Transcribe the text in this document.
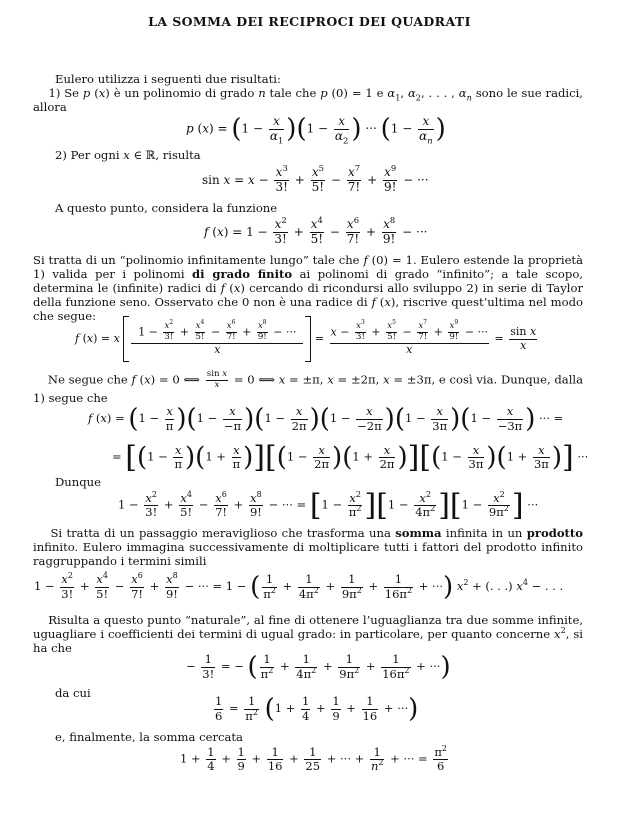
LA SOMMA DEI RECIPROCI DEI QUADRATI
Eulero utilizza i seguenti due risultati:
1) Se p (x) è un polinomio di grado n tale che p (0) = 1 e $\alpha_1$, $\alpha_2$, . . . , $\alpha_n$ sono le sue radici, allora
p $(x) = (1 - \frac{x}{\alpha_1} )(1 - \frac{x}{\alpha_2}$ ) ··· ($1 - \frac{x}{\alpha_n}$ )
2) Per ogni x ∈ ℝ, risulta
$\sin x = x - \frac{x^3}{3!} + \frac{x^5}{5!} - \frac{x^7}{7!} + \frac{x^9}{9!}$ − ···
A questo punto, considera la funzione
f $(x) = 1 - \frac{x^2}{3!} + \frac{x^4}{5!} - \frac{x^6}{7!} + \frac{x^8}{9!}$ − ···
Si tratta di un “polinomio infinitamente lungo” tale che f (0) = 1. Eulero estende la proprietà 1) valida per i polinomi di grado finito ai polinomi di grado “infinito”; a tale scopo, determina le (infinite) radici di f (x) cercando di ricondursi allo sviluppo 2) in serie di Taylor della funzione seno. Osservato che 0 non è una radice di f (x), riscrive quest’ultima nel modo che segue:
f (x) = x $\frac{1 - \frac{x^2}{3!} + \frac{x^4}{5!} - \frac{x^6}{7!} + \frac{x^8}{9!} - \cdot\cdot\cdot}{x} = \frac{x - \frac{x^3}{3!} + \frac{x^5}{5!} - \frac{x^7}{7!} + \frac{x^9}{9!} - \cdot\cdot\cdot}{x} = \frac{\text{sin x}}{x}$
Ne segue che f (x) = 0 ⟺ $\frac{\text{sin x}}{x} = 0$ ⟺ x = ±π, x = ±2π, x = ±3π, e così via. Dunque, dalla 1) segue che
f $(x) = (1 - \frac{x}{\pi} )(1 - \frac{x}{-\pi} )(1 - \frac{x}{2\pi} )(1 - \frac{x}{-2\pi} )(1 - \frac{x}{3\pi} )(1 - \frac{x}{-3\pi}$ ) ··· =
= $[(1 - \frac{x}{\pi} )(1 + \frac{x}{\pi} )][(1 - \frac{x}{2\pi} )(1 + \frac{x}{2\pi} )][(1 - \frac{x}{3\pi} )(1 + \frac{x}{3\pi}$ )] ···
Dunque
$1 - \frac{x^2}{3!} + \frac{x^4}{5!} - \frac{x^6}{7!} + \frac{x^8}{9!}$ − ··· = $[1 - \frac{x^2}{\pi^2} ][1 - \frac{x^2}{4\pi^2} ][1 - \frac{x^2}{9\pi^2}$ ] ···
Si tratta di un passaggio meraviglioso che trasforma una somma infinita in un prodotto infinito. Eulero immagina successivamente di moltiplicare tutti i fattori del prodotto infinito raggruppando i termini simili
$1 - \frac{x^2}{3!} + \frac{x^4}{5!} - \frac{x^6}{7!} + \frac{x^8}{9!}$ − ··· = 1 − ( $\frac{1}{\pi^2} + \frac{1}{4\pi^2} + \frac{1}{9\pi^2} + \frac{1}{16\pi^2}$ + ···) $x^2$ + (. . .) $x^4$ − . . .
Risulta a questo punto “naturale”, al fine di ottenere l’uguaglianza tra due somme infinite, uguagliare i coefficienti dei termini di ugual grado: in particolare, per quanto concerne $x^2$, si ha che
− $\frac{1}{3!}$ = − ( $\frac{1}{\pi^2} + \frac{1}{4\pi^2} + \frac{1}{9\pi^2} + \frac{1}{16\pi^2}$ + ···)
da cui
$\frac{1}{6} = \frac{1}{\pi^2} (1 + \frac{1}{4} + \frac{1}{9} + \frac{1}{16}$ + ···)
e, finalmente, la somma cercata
$1 + \frac{1}{4} + \frac{1}{9} + \frac{1}{16} + \frac{1}{25}$ + ··· + $\frac{1}{n^2}$ + ··· = $\frac{\pi^2}{6}$
